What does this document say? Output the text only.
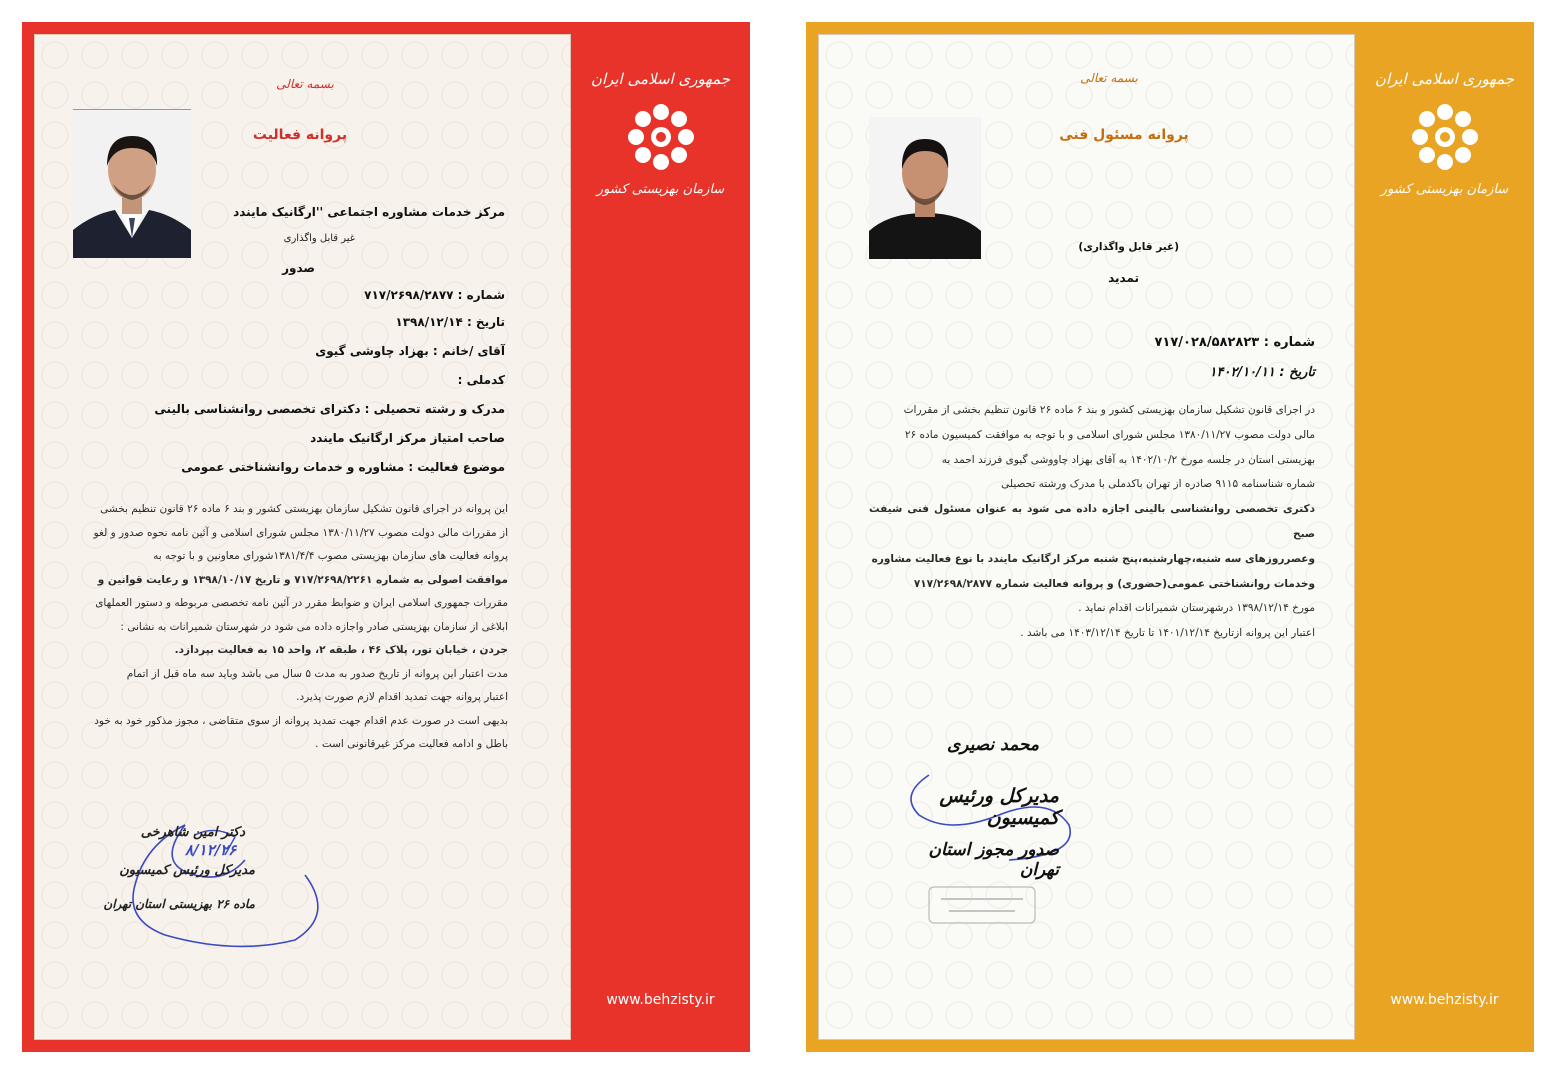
بسمه تعالی
پروانه فعالیت
مرکز خدمات مشاوره اجتماعی ''ارگانیک مایندد
غیر قابل واگذاری
صدور
شماره : ۷۱۷/۲۶۹۸/۲۸۷۷
تاریخ : ۱۳۹۸/۱۲/۱۴
آقای /خانم : بهزاد چاوشی گیوی
کدملی :
مدرک و رشته تحصیلی : دکترای تخصصی روانشناسی بالینی
صاحب امتیاز مرکز ارگانیک مایندد
موضوع فعالیت : مشاوره و خدمات روانشناختی عمومی
این پروانه در اجرای قانون تشکیل سازمان بهزیستی کشور و بند ۶ ماده ۲۶ قانون تنظیم بخشی
از مقررات مالی دولت مصوب ۱۳۸۰/۱۱/۲۷ مجلس شورای اسلامی و آئین نامه نحوه صدور و لغو
پروانه فعالیت های سازمان بهزیستی مصوب ۱۳۸۱/۴/۴شورای معاونین و با توجه به
موافقت اصولی به شماره ۷۱۷/۲۶۹۸/۲۲۶۱ و تاریخ ۱۳۹۸/۱۰/۱۷ و رعایت قوانین و
مقررات جمهوری اسلامی ایران و ضوابط مقرر در آئین نامه تخصصی مربوطه و دستور العملهای
ابلاغی از سازمان بهزیستی صادر واجازه داده می شود در شهرستان شمیرانات به نشانی :
جردن ، خیابان تور، پلاک ۴۶ ، طبقه ۲، واحد ۱۵ به فعالیت بپردازد.
مدت اعتبار این پروانه از تاریخ صدور به مدت ۵ سال می باشد وباید سه ماه قبل از اتمام
اعتبار پروانه جهت تمدید اقدام لازم صورت پذیرد.
بدیهی است در صورت عدم اقدام جهت تمدید پروانه از سوی متقاضی ، مجوز مذکور خود به خود
باطل و ادامه فعالیت مرکز غیرقانونی است .
دکتر امین شاهرخی
۸/۱۲/۲۶
مدیرکل ورئیس کمیسیون
ماده ۲۶ بهزیستی استان تهران
جمهوری اسلامی ایران
سازمان بهزیستی کشور
www.behzisty.ir
بسمه تعالی
پروانه مسئول فنی
(غیر قابل واگذاری)
تمدید
شماره : ۷۱۷/۰۲۸/۵۸۲۸۲۳
تاریخ : ۱۴۰۲/۱۰/۱۱
در اجرای قانون تشکیل سازمان بهزیستی کشور و بند ۶ ماده ۲۶ قانون تنظیم بخشی از مقررات
مالی دولت مصوب ۱۳۸۰/۱۱/۲۷ مجلس شورای اسلامی و با توجه به موافقت کمیسیون ماده ۲۶
بهزیستی استان در جلسه مورخ ۱۴۰۲/۱۰/۲ به آقای بهزاد چاووشی گیوی فرزند احمد به
شماره شناسنامه ۹۱۱۵ صادره از تهران باکدملی با مدرک ورشته تحصیلی
دکتری تخصصی روانشناسی بالینی اجازه داده می شود به عنوان مسئول فنی شیفت صبح
وعصرروزهای سه شنبه،چهارشنبه،پنج شنبه مرکز ارگانیک مایندد با نوع فعالیت مشاوره
وخدمات روانشناختی عمومی(حضوری) و پروانه فعالیت شماره ۷۱۷/۲۶۹۸/۲۸۷۷
مورخ ۱۳۹۸/۱۲/۱۴ درشهرستان شمیرانات اقدام نماید .
اعتبار این پروانه ازتاریخ ۱۴۰۱/۱۲/۱۴ تا تاریخ ۱۴۰۳/۱۲/۱۴ می باشد .
محمد نصیری
مدیرکل ورئیس کمیسیون
صدور مجوز استان تهران
جمهوری اسلامی ایران
سازمان بهزیستی کشور
www.behzisty.ir
